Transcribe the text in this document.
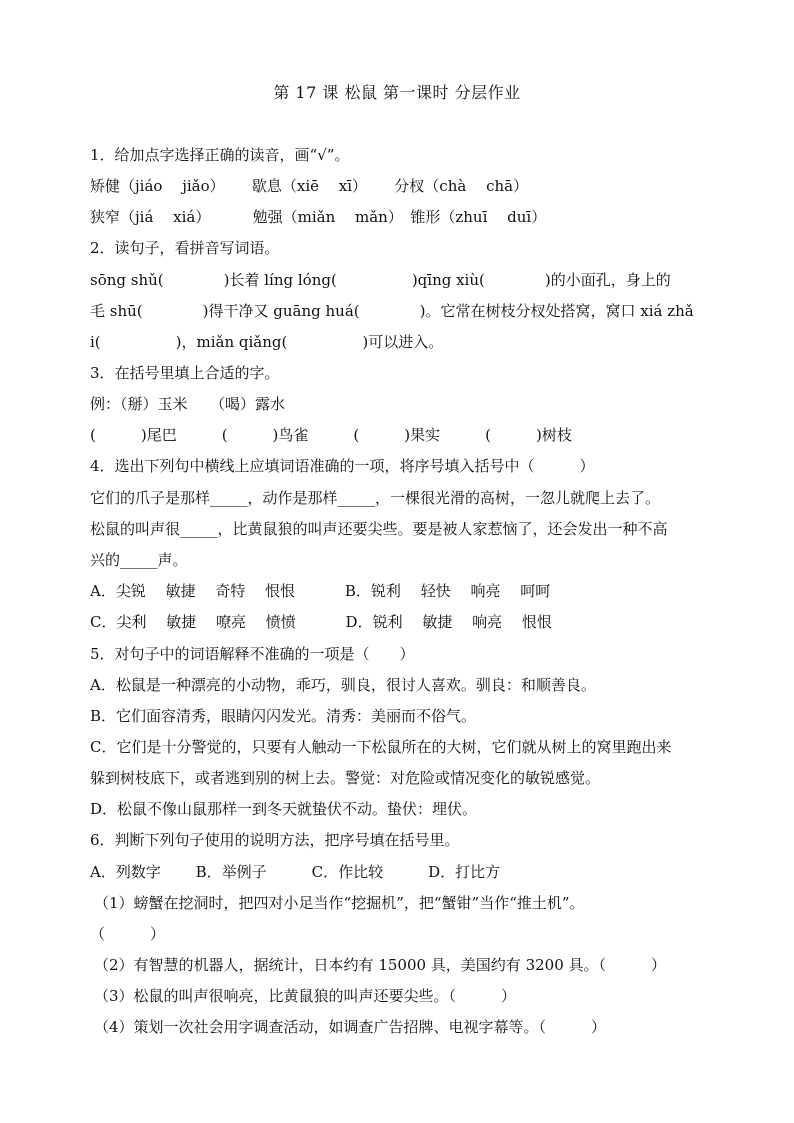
第 17 课 松鼠 第一课时 分层作业
1．给加点字选择正确的读音，画“√”。
矫健（jiáo　 jiǎo）　　 歇息（xiē　 xī）　　 分杈（chà　 chā）
狭窄（jiá　 xiá）　　　 勉强（miǎn　 mǎn）　锥形（zhuī　 duī）
2．读句子，看拼音写词语。
sōng shǔ(　　　　)长着 líng lóng(　　　　　)qīng xiù(　　　　)的小面孔，身上的
毛 shū(　　　　)得干净又 guāng huá(　　　　)。它常在树枝分杈处搭窝，窝口 xiá zhǎ
i(　　　　　)，miǎn qiǎng(　　　　　)可以进入。
3．在括号里填上合适的字。
例：（掰）玉米　　（喝）露水
(　　　)尾巴　　　(　　　)鸟雀　　　(　　　)果实　　　(　　　)树枝
4．选出下列句中横线上应填词语准确的一项，将序号填入括号中（　　　）
它们的爪子是那样_____，动作是那样_____，一棵很光滑的高树，一忽儿就爬上去了。
松鼠的叫声很_____，比黄鼠狼的叫声还要尖些。要是被人家惹恼了，还会发出一种不高
兴的_____声。
A．尖锐　 敏捷　 奇特　 恨恨　　　 B．锐利　 轻快　 响亮　 呵呵
C．尖利　 敏捷　 嘹亮　 愤愤　　　 D．锐利　 敏捷　 响亮　 恨恨
5．对句子中的词语解释不准确的一项是（　　）
A．松鼠是一种漂亮的小动物，乖巧，驯良，很讨人喜欢。驯良：和顺善良。
B．它们面容清秀，眼睛闪闪发光。清秀：美丽而不俗气。
C．它们是十分警觉的，只要有人触动一下松鼠所在的大树，它们就从树上的窝里跑出来
躲到树枝底下，或者逃到别的树上去。警觉：对危险或情况变化的敏锐感觉。
D．松鼠不像山鼠那样一到冬天就蛰伏不动。蛰伏：埋伏。
6．判断下列句子使用的说明方法，把序号填在括号里。
A．列数字　　 B．举例子　　　C．作比较　　　D．打比方
（1）螃蟹在挖洞时，把四对小足当作“挖掘机”，把“蟹钳”当作“推土机”。
（　　　）
（2）有智慧的机器人，据统计，日本约有 15000 具，美国约有 3200 具。（　　　）
（3）松鼠的叫声很响亮，比黄鼠狼的叫声还要尖些。（　　　）
（4）策划一次社会用字调查活动，如调查广告招牌、电视字幕等。（　　　）
